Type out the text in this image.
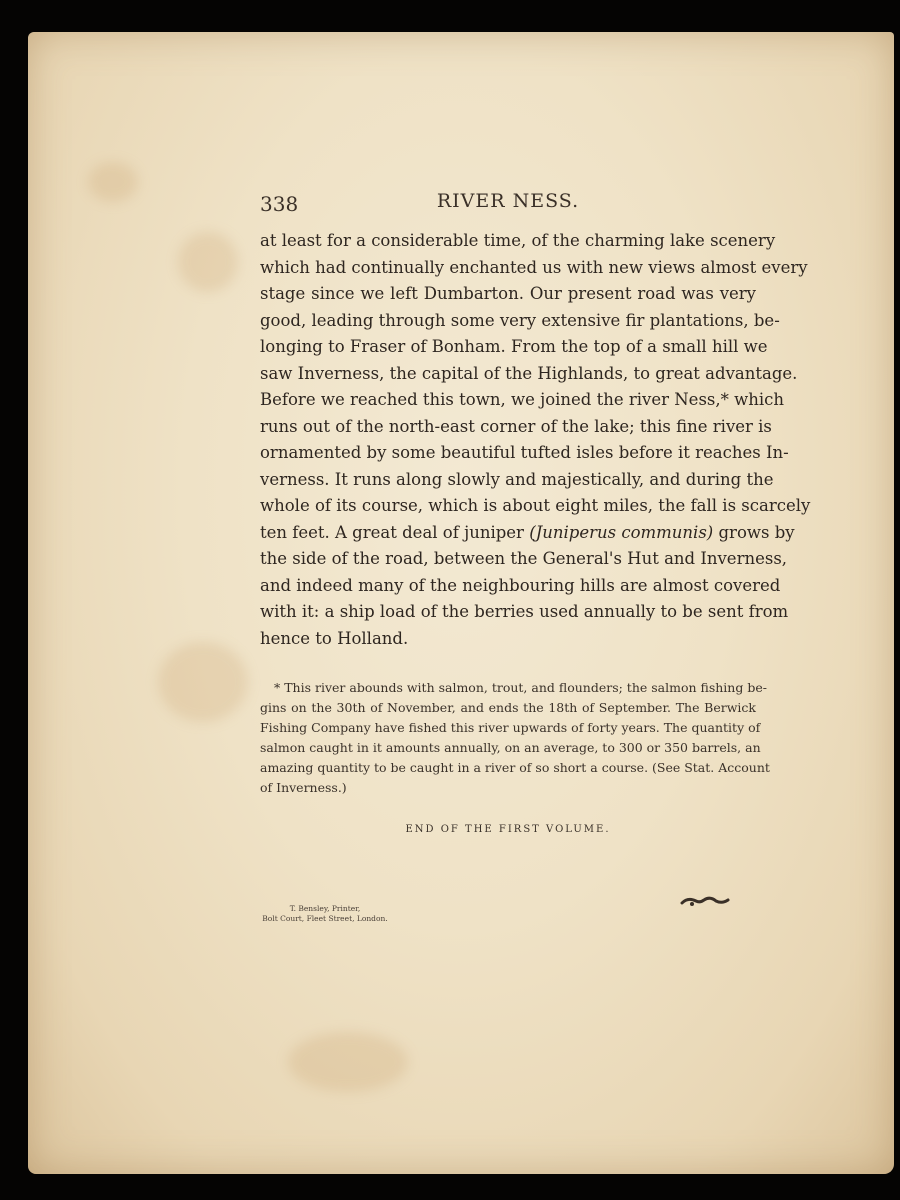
338	RIVER NESS.
at least for a considerable time, of the charming lake scenery
which had continually enchanted us with new views almost every
stage since we left Dumbarton. Our present road was very
good, leading through some very extensive fir plantations, be-
longing to Fraser of Bonham. From the top of a small hill we
saw Inverness, the capital of the Highlands, to great advantage.
Before we reached this town, we joined the river Ness,* which
runs out of the north-east corner of the lake; this fine river is
ornamented by some beautiful tufted isles before it reaches In-
verness. It runs along slowly and majestically, and during the
whole of its course, which is about eight miles, the fall is scarcely
ten feet. A great deal of juniper (Juniperus communis) grows by
the side of the road, between the General's Hut and Inverness,
and indeed many of the neighbouring hills are almost covered
with it: a ship load of the berries used annually to be sent from
hence to Holland.
* This river abounds with salmon, trout, and flounders; the salmon fishing be-
gins on the 30th of November, and ends the 18th of September. The Berwick
Fishing Company have fished this river upwards of forty years. The quantity of
salmon caught in it amounts annually, on an average, to 300 or 350 barrels, an
amazing quantity to be caught in a river of so short a course. (See Stat. Account
of Inverness.)
END OF THE FIRST VOLUME.
T. Bensley, Printer,
Bolt Court, Fleet Street, London.
